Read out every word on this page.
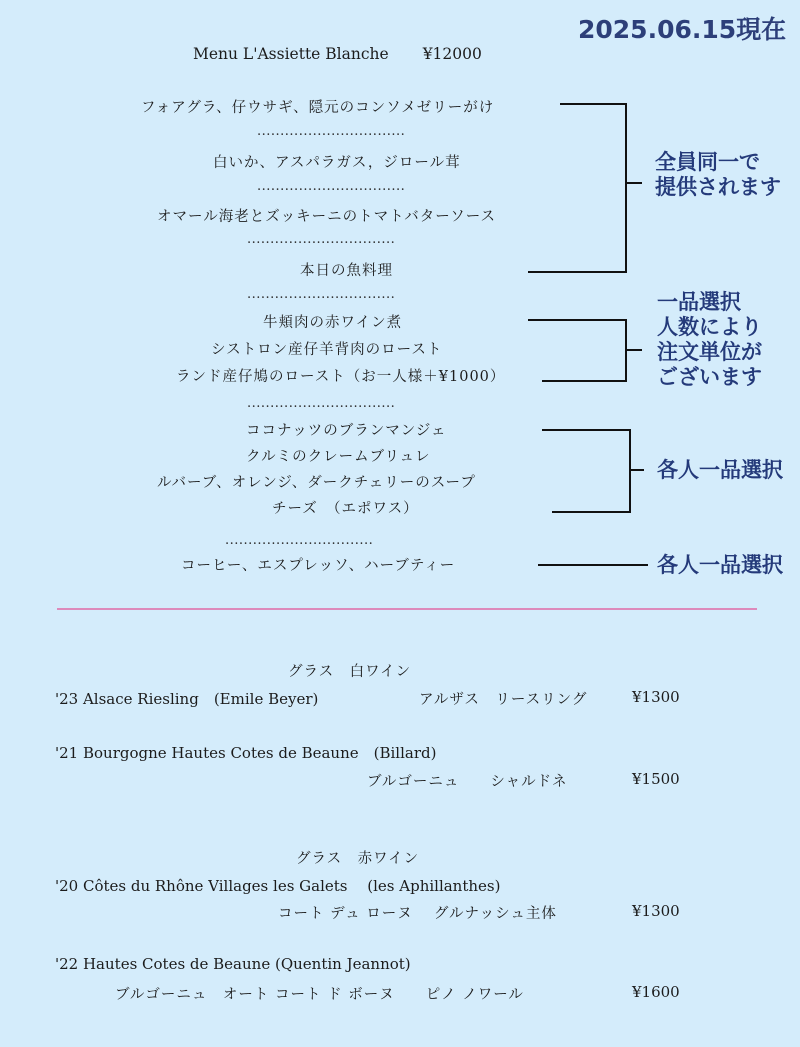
2025.06.15現在
Menu L'Assiette Blanche ¥12000
フォアグラ、仔ウサギ、隠元のコンソメゼリーがけ
................................
白いか、アスパラガス，ジロール茸
................................
オマール海老とズッキーニのトマトバターソース
................................
本日の魚料理
................................
牛頬肉の赤ワイン煮
シストロン産仔羊背肉のロースト
ランド産仔鳩のロースト（お一人様＋¥1000）
................................
ココナッツのブランマンジェ
クルミのクレームブリュレ
ルバーブ、オレンジ、ダークチェリーのスープ
チーズ　（エポワス）
................................
コーヒー、エスプレッソ、ハーブティー
全員同一で
提供されます
一品選択
人数により
注文単位が
ございます
各人一品選択
各人一品選択
グラス　白ワイン
'23 Alsace Riesling　(Emile Beyer)	アルザス　リースリング	¥1300
'21 Bourgogne Hautes Cotes de Beaune　(Billard)
ブルゴーニュ　　シャルドネ	¥1500
グラス　赤ワイン
'20 Côtes du Rhône Villages les Galets　 (les Aphillanthes)
コート デュ ローヌ　 グルナッシュ主体	¥1300
'22 Hautes Cotes de Beaune (Quentin Jeannot)
ブルゴーニュ　オート コート ド ボーヌ　　ピノ ノワール	¥1600
